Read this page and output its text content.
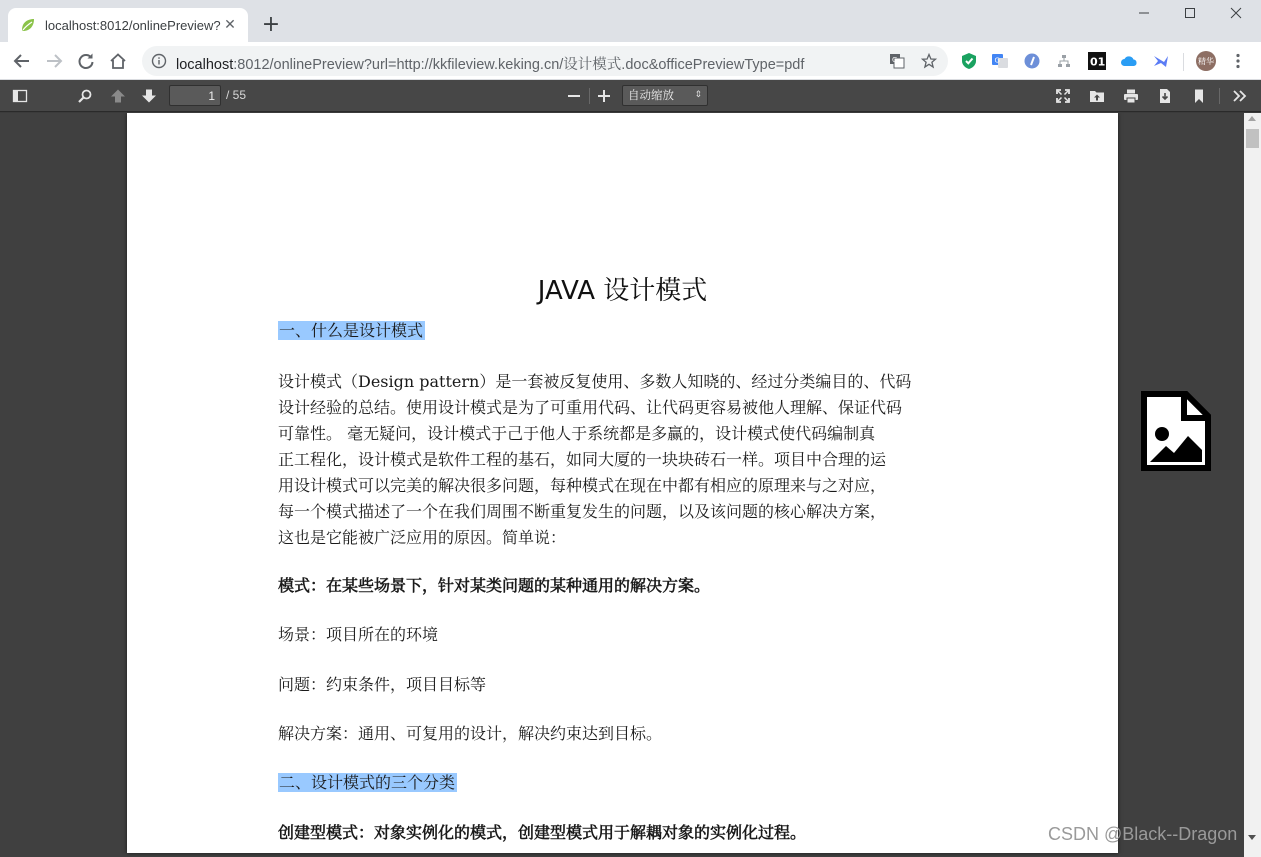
localhost:8012/onlinePreview? ✕ +
localhost:8012/onlinePreview?url=http://kkfileview.keking.cn/设计模式.doc&officePreviewType=pdf	G	G	01	精华
1
/ 55	自动缩放 ⇕
JAVA 设计模式
一、什么是设计模式
设计模式（Design pattern）是一套被反复使用、多数人知晓的、经过分类编目的、代码
设计经验的总结。使用设计模式是为了可重用代码、让代码更容易被他人理解、保证代码
可靠性。 毫无疑问，设计模式于己于他人于系统都是多赢的，设计模式使代码编制真
正工程化，设计模式是软件工程的基石，如同大厦的一块块砖石一样。项目中合理的运
用设计模式可以完美的解决很多问题，每种模式在现在中都有相应的原理来与之对应，
每一个模式描述了一个在我们周围不断重复发生的问题，以及该问题的核心解决方案，
这也是它能被广泛应用的原因。简单说：
模式：在某些场景下，针对某类问题的某种通用的解决方案。
场景：项目所在的环境
问题：约束条件，项目目标等
解决方案：通用、可复用的设计，解决约束达到目标。
二、设计模式的三个分类
创建型模式：对象实例化的模式，创建型模式用于解耦对象的实例化过程。	CSDN @Black--Dragon
